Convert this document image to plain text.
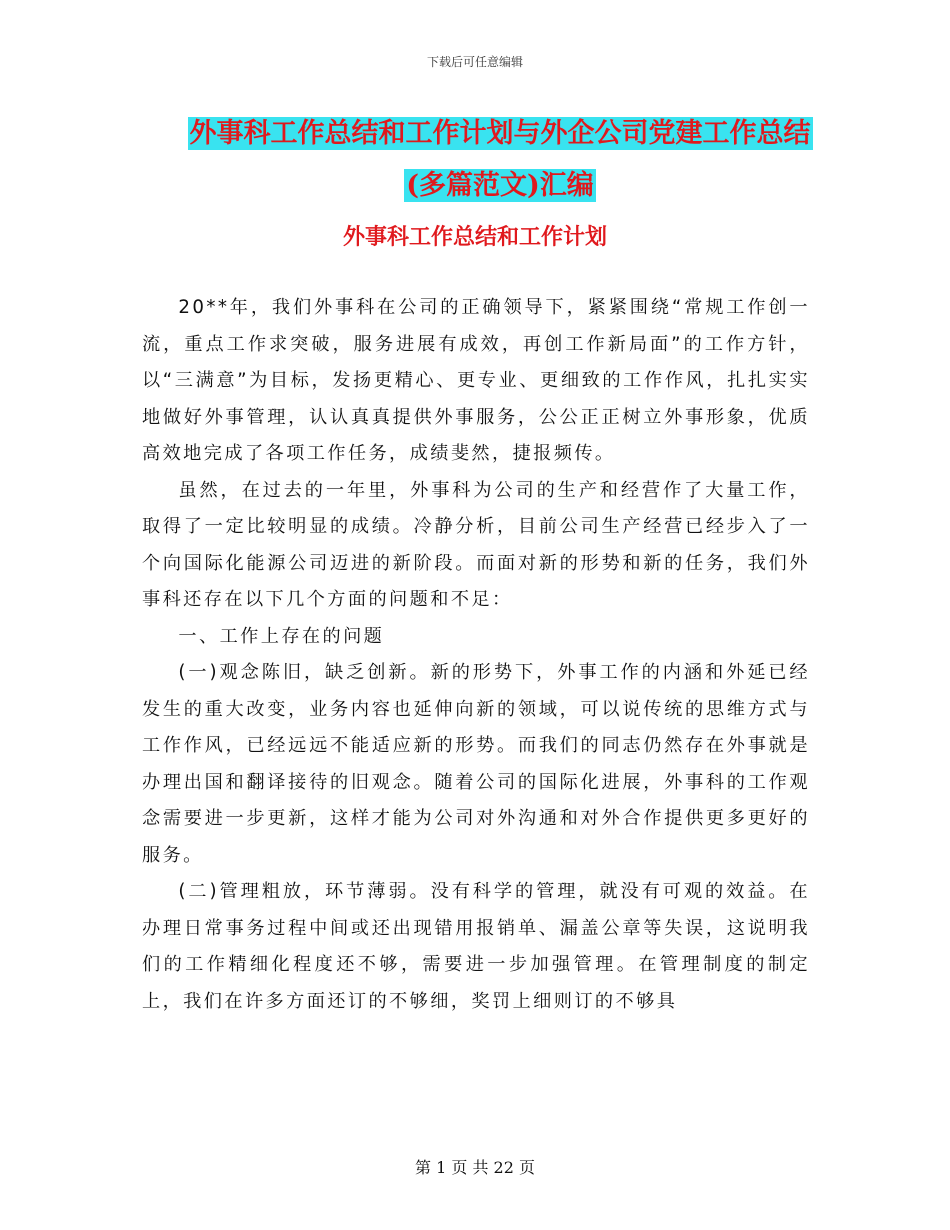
下载后可任意编辑
外事科工作总结和工作计划与外企公司党建工作总结
(多篇范文)汇编
外事科工作总结和工作计划

20**年，我们外事科在公司的正确领导下，紧紧围绕“常规工作创一流，重点工作求突破，服务进展有成效，再创工作新局面”的工作方针，以“三满意”为目标，发扬更精心、更专业、更细致的工作作风，扎扎实实地做好外事管理，认认真真提供外事服务，公公正正树立外事形象，优质高效地完成了各项工作任务，成绩斐然，捷报频传。

虽然，在过去的一年里，外事科为公司的生产和经营作了大量工作，取得了一定比较明显的成绩。冷静分析，目前公司生产经营已经步入了一个向国际化能源公司迈进的新阶段。而面对新的形势和新的任务，我们外事科还存在以下几个方面的问题和不足：

一、工作上存在的问题

(一)观念陈旧，缺乏创新。新的形势下，外事工作的内涵和外延已经发生的重大改变，业务内容也延伸向新的领域，可以说传统的思维方式与工作作风，已经远远不能适应新的形势。而我们的同志仍然存在外事就是办理出国和翻译接待的旧观念。随着公司的国际化进展，外事科的工作观念需要进一步更新，这样才能为公司对外沟通和对外合作提供更多更好的服务。

(二)管理粗放，环节薄弱。没有科学的管理，就没有可观的效益。在办理日常事务过程中间或还出现错用报销单、漏盖公章等失误，这说明我们的工作精细化程度还不够，需要进一步加强管理。在管理制度的制定上，我们在许多方面还订的不够细，奖罚上细则订的不够具

第 1 页 共 22 页
